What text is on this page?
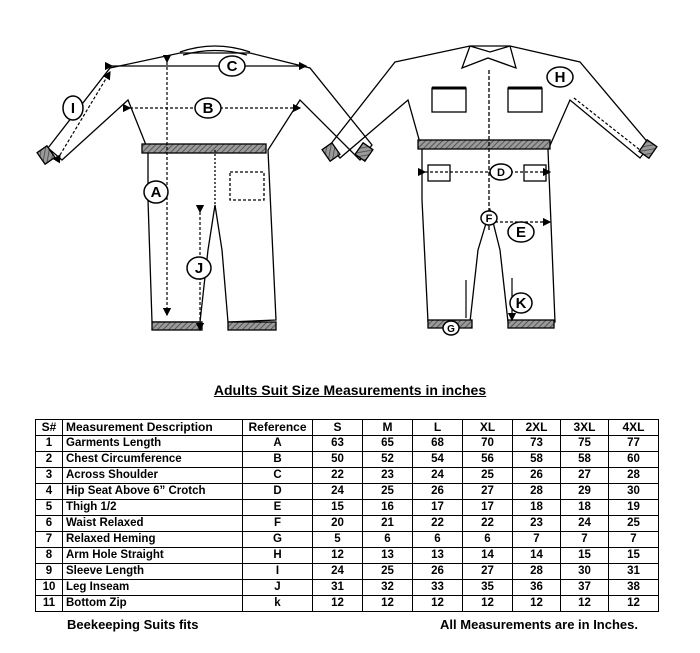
C
B
I
A
J
H
D
F
E
K
G
Adults Suit Size Measurements in inches
S#	Measurement Description	Reference	S	M	L	XL	2XL	3XL	4XL
1	Garments Length	A	63	65	68	70	73	75	77
2	Chest Circumference	B	50	52	54	56	58	58	60
3	Across Shoulder	C	22	23	24	25	26	27	28
4	Hip Seat Above 6” Crotch	D	24	25	26	27	28	29	30
5	Thigh 1/2	E	15	16	17	17	18	18	19
6	Waist Relaxed	F	20	21	22	22	23	24	25
7	Relaxed Heming	G	5	6	6	6	7	7	7
8	Arm Hole Straight	H	12	13	13	14	14	15	15
9	Sleeve Length	I	24	25	26	27	28	30	31
10	Leg Inseam	J	31	32	33	35	36	37	38
11	Bottom Zip	k	12	12	12	12	12	12	12
Beekeeping Suits fits	All Measurements are in Inches.
